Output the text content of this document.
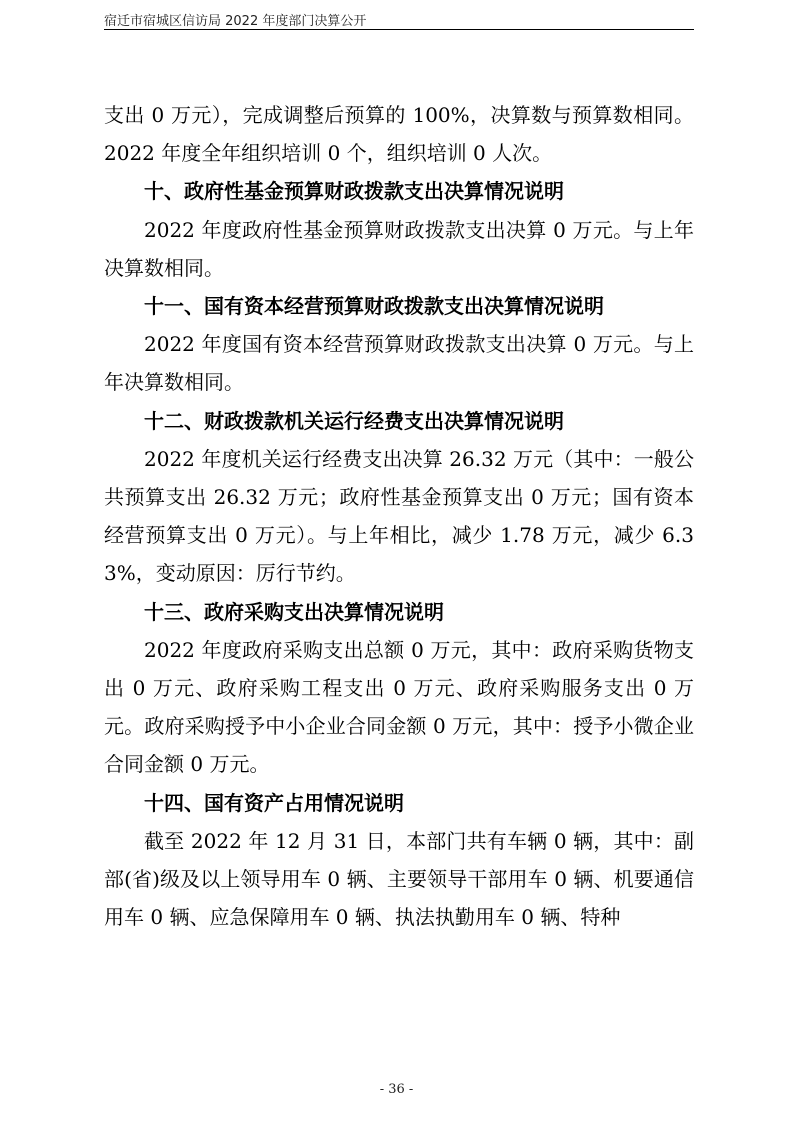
宿迁市宿城区信访局 2022 年度部门决算公开

支出 0 万元），完成调整后预算的 100%，决算数与预算数相同。2022 年度全年组织培训 0 个，组织培训 0 人次。

十、政府性基金预算财政拨款支出决算情况说明

2022 年度政府性基金预算财政拨款支出决算 0 万元。与上年决算数相同。

十一、国有资本经营预算财政拨款支出决算情况说明

2022 年度国有资本经营预算财政拨款支出决算 0 万元。与上年决算数相同。

十二、财政拨款机关运行经费支出决算情况说明

2022 年度机关运行经费支出决算 26.32 万元（其中：一般公共预算支出 26.32 万元；政府性基金预算支出 0 万元；国有资本经营预算支出 0 万元）。与上年相比，减少 1.78 万元，减少 6.33%，变动原因：厉行节约。

十三、政府采购支出决算情况说明

2022 年度政府采购支出总额 0 万元，其中：政府采购货物支出 0 万元、政府采购工程支出 0 万元、政府采购服务支出 0 万元。政府采购授予中小企业合同金额 0 万元，其中：授予小微企业合同金额 0 万元。

十四、国有资产占用情况说明

截至 2022 年 12 月 31 日，本部门共有车辆 0 辆，其中：副部(省)级及以上领导用车 0 辆、主要领导干部用车 0 辆、机要通信用车 0 辆、应急保障用车 0 辆、执法执勤用车 0 辆、特种

- 36 -
